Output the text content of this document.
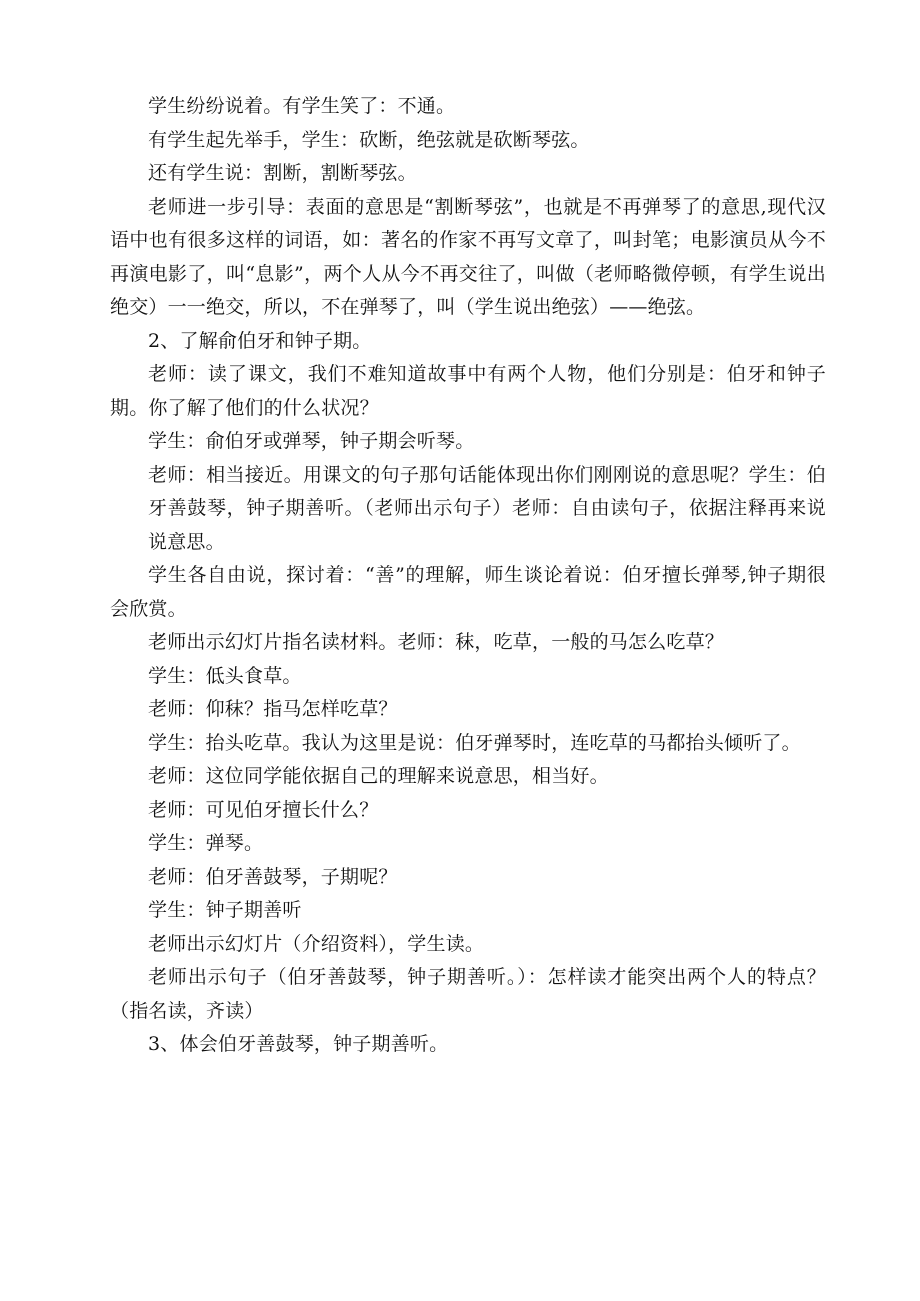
学生纷纷说着。有学生笑了：不通。

有学生起先举手，学生：砍断，绝弦就是砍断琴弦。

还有学生说：割断，割断琴弦。

老师进一步引导：表面的意思是“割断琴弦”，也就是不再弹琴了的意思,现代汉语中也有很多这样的词语，如：著名的作家不再写文章了，叫封笔；电影演员从今不再演电影了，叫“息影”，两个人从今不再交往了，叫做（老师略微停顿，有学生说出绝交）一一绝交，所以，不在弹琴了，叫（学生说出绝弦）——绝弦。

2、了解俞伯牙和钟子期。

老师：读了课文，我们不难知道故事中有两个人物，他们分别是：伯牙和钟子期。你了解了他们的什么状况？

学生：俞伯牙或弹琴，钟子期会听琴。

老师：相当接近。用课文的句子那句话能体现出你们刚刚说的意思呢？学生：伯牙善鼓琴，钟子期善听。（老师出示句子）老师：自由读句子，依据注释再来说说意思。

学生各自由说，探讨着：“善”的理解，师生谈论着说：伯牙擅长弹琴,钟子期很会欣赏。

老师出示幻灯片指名读材料。老师：秣，吃草，一般的马怎么吃草？

学生：低头食草。

老师：仰秣？指马怎样吃草？

学生：抬头吃草。我认为这里是说：伯牙弹琴时，连吃草的马都抬头倾听了。

老师：这位同学能依据自己的理解来说意思，相当好。

老师：可见伯牙擅长什么？

学生：弹琴。

老师：伯牙善鼓琴，子期呢？

学生：钟子期善听

老师出示幻灯片（介绍资料），学生读。

老师出示句子（伯牙善鼓琴，钟子期善听。）：怎样读才能突出两个人的特点？（指名读，齐读）

3、体会伯牙善鼓琴，钟子期善听。
